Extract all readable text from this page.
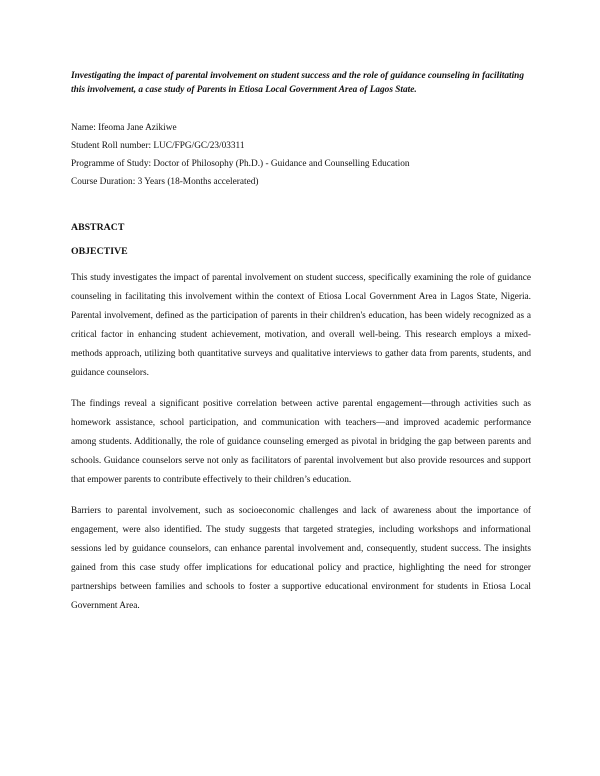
Investigating the impact of parental involvement on student success and the role of guidance counseling in facilitating this involvement, a case study of Parents in Etiosa Local Government Area of Lagos State.

Name: Ifeoma Jane Azikiwe
Student Roll number: LUC/FPG/GC/23/03311
Programme of Study: Doctor of Philosophy (Ph.D.) - Guidance and Counselling Education
Course Duration: 3 Years (18-Months accelerated)

ABSTRACT

OBJECTIVE

This study investigates the impact of parental involvement on student success, specifically examining the role of guidance counseling in facilitating this involvement within the context of Etiosa Local Government Area in Lagos State, Nigeria. Parental involvement, defined as the participation of parents in their children's education, has been widely recognized as a critical factor in enhancing student achievement, motivation, and overall well-being. This research employs a mixed-methods approach, utilizing both quantitative surveys and qualitative interviews to gather data from parents, students, and guidance counselors.

The findings reveal a significant positive correlation between active parental engagement—through activities such as homework assistance, school participation, and communication with teachers—and improved academic performance among students. Additionally, the role of guidance counseling emerged as pivotal in bridging the gap between parents and schools. Guidance counselors serve not only as facilitators of parental involvement but also provide resources and support that empower parents to contribute effectively to their children’s education.

Barriers to parental involvement, such as socioeconomic challenges and lack of awareness about the importance of engagement, were also identified. The study suggests that targeted strategies, including workshops and informational sessions led by guidance counselors, can enhance parental involvement and, consequently, student success. The insights gained from this case study offer implications for educational policy and practice, highlighting the need for stronger partnerships between families and schools to foster a supportive educational environment for students in Etiosa Local Government Area.
